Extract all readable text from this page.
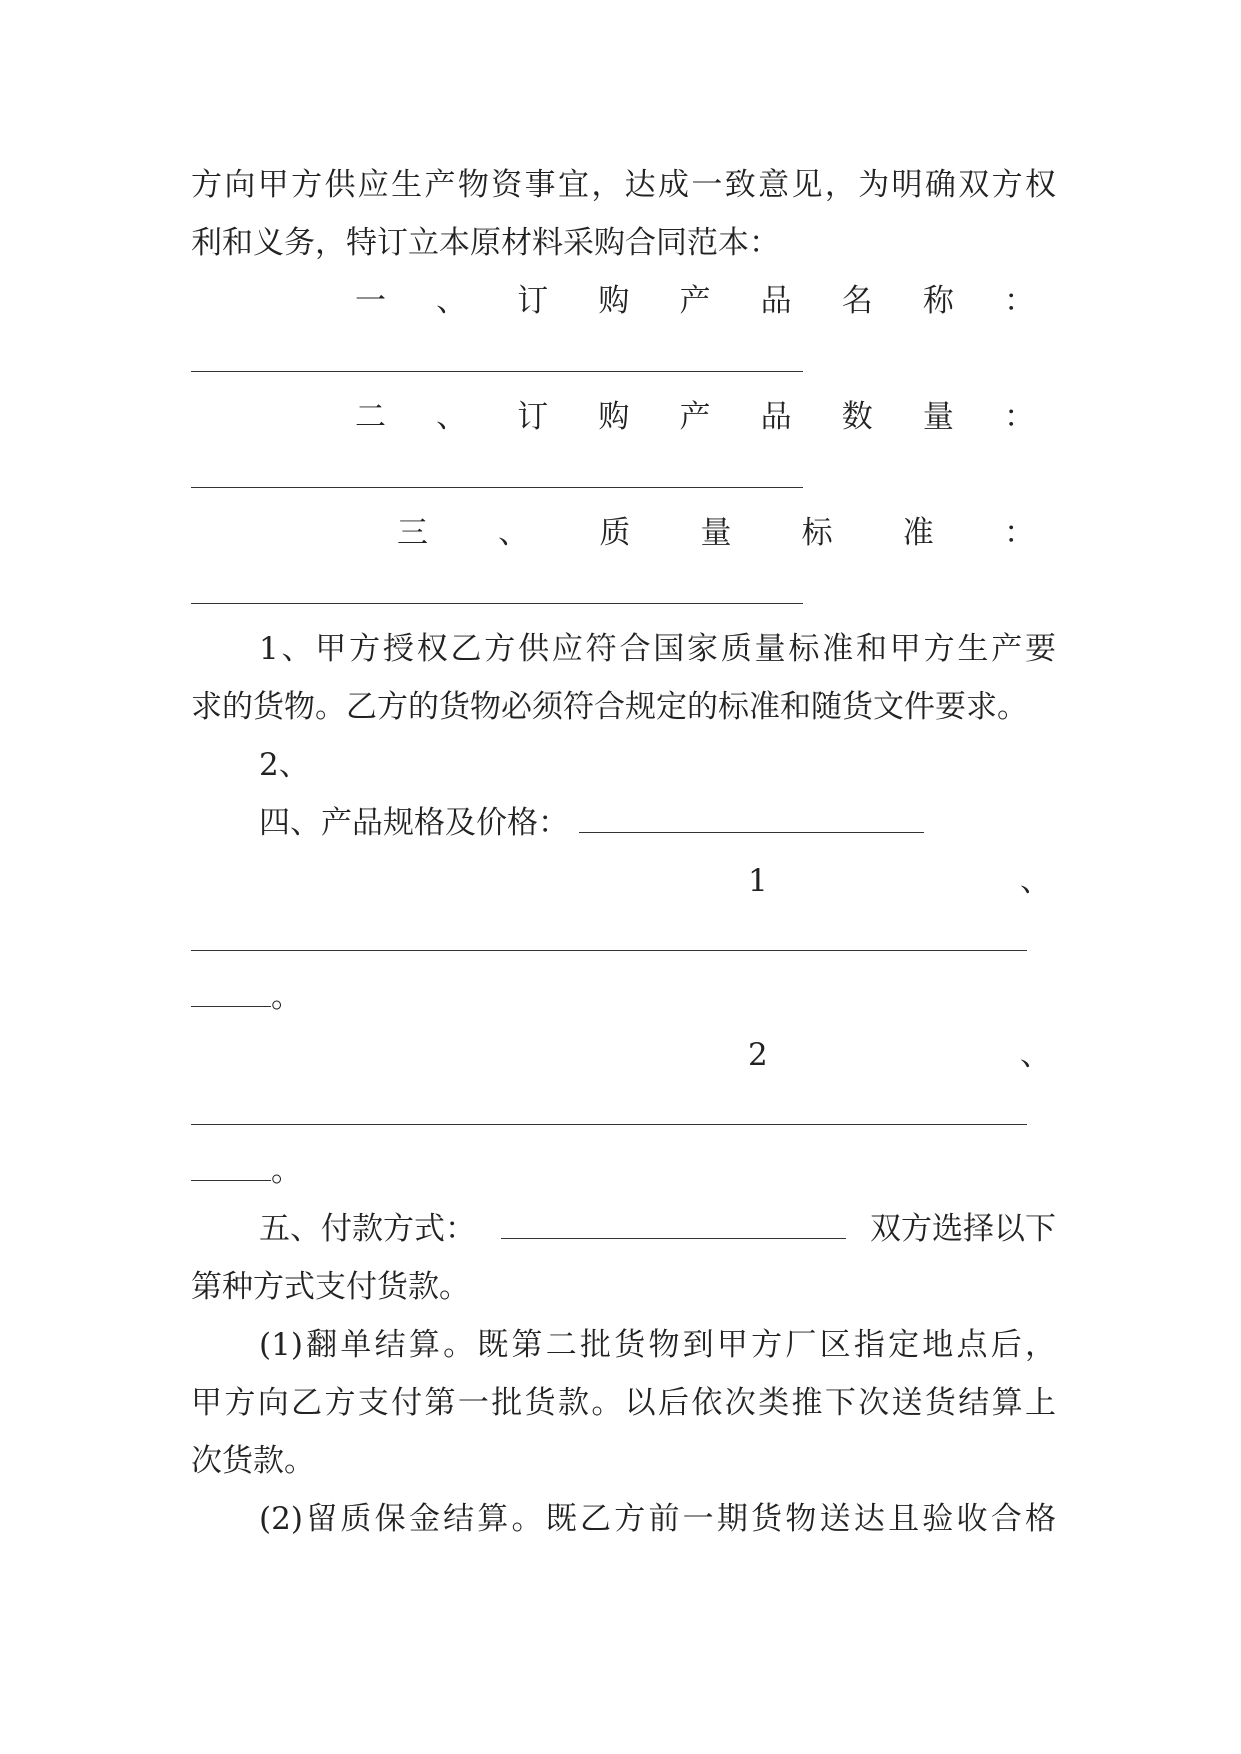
方向甲方供应生产物资事宜，达成一致意见，为明确双方权
利和义务，特订立本原材料采购合同范本：
一 、 订 购 产 品 名 称 ：
二 、 订 购 产 品 数 量 ：
三 、 质 量 标 准 ：
1、甲方授权乙方供应符合国家质量标准和甲方生产要
求的货物。乙方的货物必须符合规定的标准和随货文件要求。
2、
四、产品规格及价格：
1	、
。
2	、
。
五、付款方式：	双方选择以下
第种方式支付货款。
(1)翻单结算。既第二批货物到甲方厂区指定地点后，
甲方向乙方支付第一批货款。以后依次类推下次送货结算上
次货款。
(2)留质保金结算。既乙方前一期货物送达且验收合格
